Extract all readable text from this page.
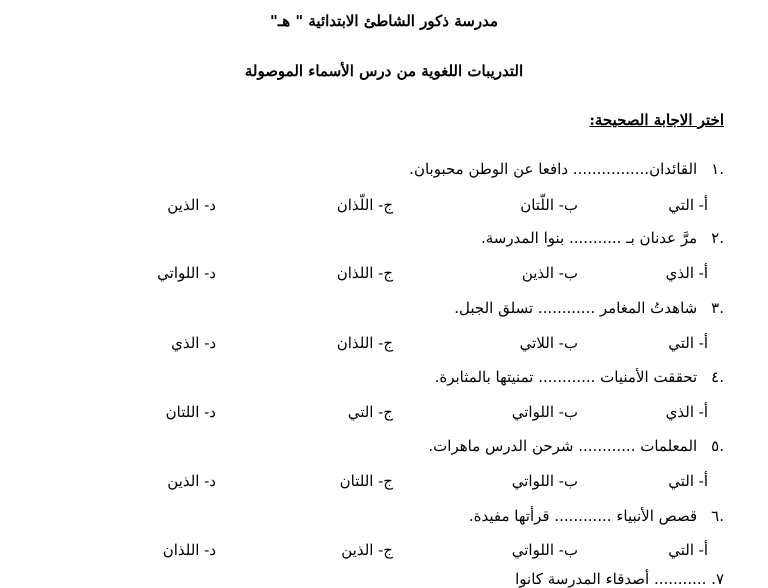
مدرسة ذكور الشاطئ الابتدائية " هـ"
التدريبات اللغوية من درس الأسماء الموصولة
اختر الاجابة الصحيحة:
.١ القائدان................ دافعا عن الوطن محبوبان.
أ- التي
ب- اللّتان
ج- اللّذان
د- الذين
.٢ مرَّ عدنان بـ ........... بنوا المدرسة.
أ- الذي
ب- الذين
ج- اللذان
د- اللواتي
.٣ شاهدتُ المغامر ............ تسلق الجبل.
أ- التي
ب- اللاتي
ج- اللذان
د- الذي
.٤ تحققت الأمنيات ............ تمنيتها بالمثابرة.
أ- الذي
ب- اللواتي
ج- التي
د- اللتان
.٥ المعلمات ............ شرحن الدرس ماهرات.
أ- التي
ب- اللواتي
ج- اللتان
د- الذين
.٦ قصص الأنبياء ............ قرأتها مفيدة.
أ- التي
ب- اللواتي
ج- الذين
د- اللذان
٧. ........... أصدقاء المدرسة كانوا
